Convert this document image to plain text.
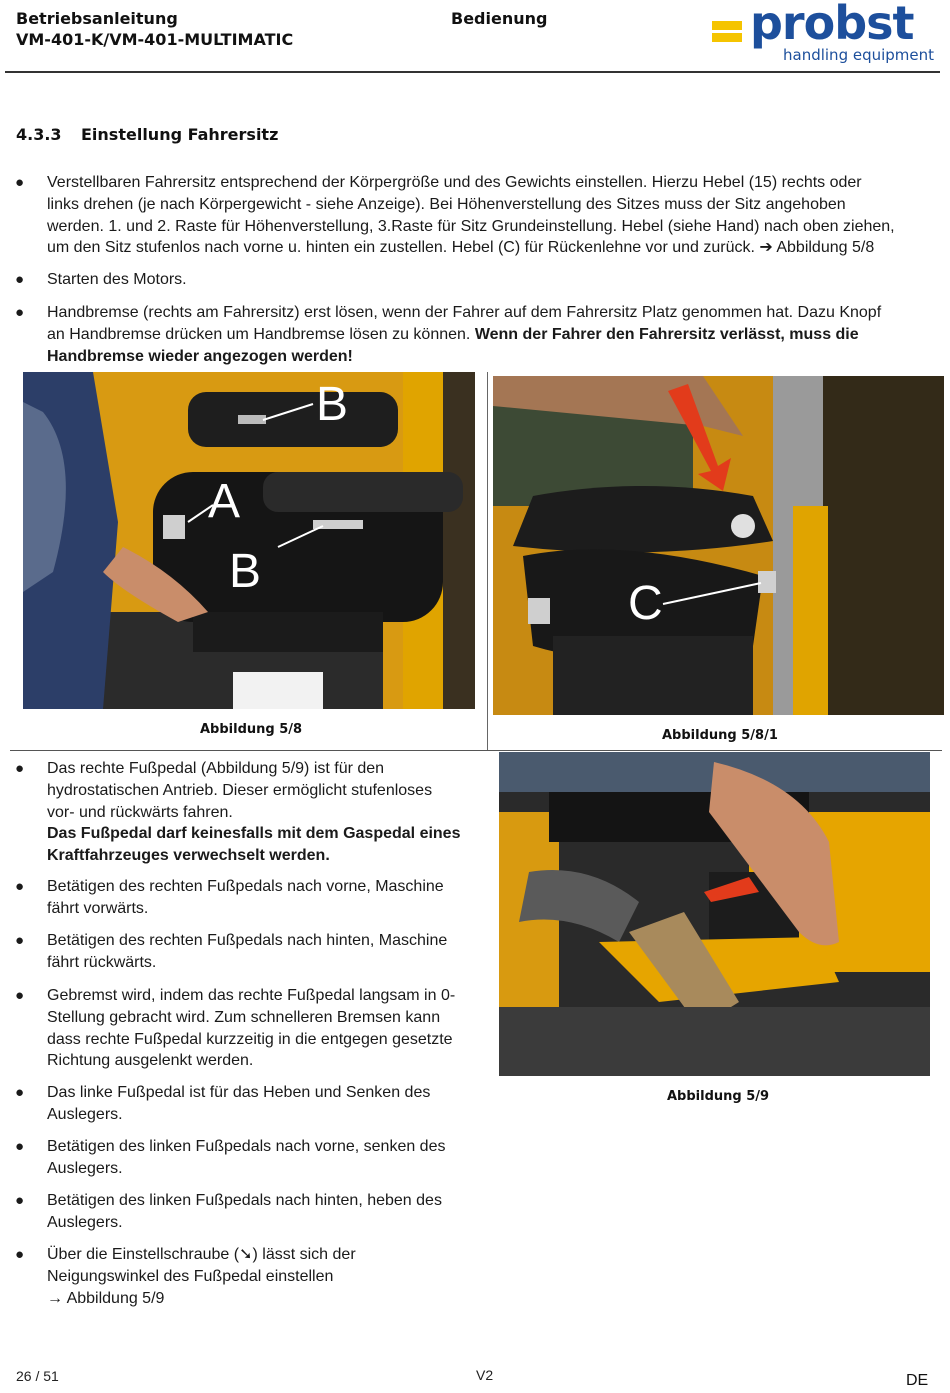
Betriebsanleitung
VM-401-K/VM-401-MULTIMATIC
Bedienung	probst
handling equipment
4.3.3 Einstellung Fahrersitz
● Verstellbaren Fahrersitz entsprechend der Körpergröße und des Gewichts einstellen. Hierzu Hebel (15) rechts oder
links drehen (je nach Körpergewicht - siehe Anzeige). Bei Höhenverstellung des Sitzes muss der Sitz angehoben
werden. 1. und 2. Raste für Höhenverstellung, 3.Raste für Sitz Grundeinstellung. Hebel (siehe Hand) nach oben ziehen,
um den Sitz stufenlos nach vorne u. hinten ein zustellen. Hebel (C) für Rückenlehne vor und zurück. ➔ Abbildung 5/8
● Starten des Motors.
● Handbremse (rechts am Fahrersitz) erst lösen, wenn der Fahrer auf dem Fahrersitz Platz genommen hat. Dazu Knopf
an Handbremse drücken um Handbremse lösen zu können. Wenn der Fahrer den Fahrersitz verlässt, muss die
Handbremse wieder angezogen werden!
B
A
B
Abbildung 5/8
C
Abbildung 5/8/1
● Das rechte Fußpedal (Abbildung 5/9) ist für den
hydrostatischen Antrieb. Dieser ermöglicht stufenloses
vor- und rückwärts fahren.
Das Fußpedal darf keinesfalls mit dem Gaspedal eines
Kraftfahrzeuges verwechselt werden.
● Betätigen des rechten Fußpedals nach vorne, Maschine
fährt vorwärts.
● Betätigen des rechten Fußpedals nach hinten, Maschine
fährt rückwärts.
● Gebremst wird, indem das rechte Fußpedal langsam in 0-
Stellung gebracht wird. Zum schnelleren Bremsen kann
dass rechte Fußpedal kurzzeitig in die entgegen gesetzte
Richtung ausgelenkt werden.
● Das linke Fußpedal ist für das Heben und Senken des
Auslegers.
● Betätigen des linken Fußpedals nach vorne, senken des
Auslegers.
● Betätigen des linken Fußpedals nach hinten, heben des
Auslegers.
● Über die Einstellschraube (➘) lässt sich der
Neigungswinkel des Fußpedal einstellen
→ Abbildung 5/9
Abbildung 5/9
26 / 51	V2	DE
